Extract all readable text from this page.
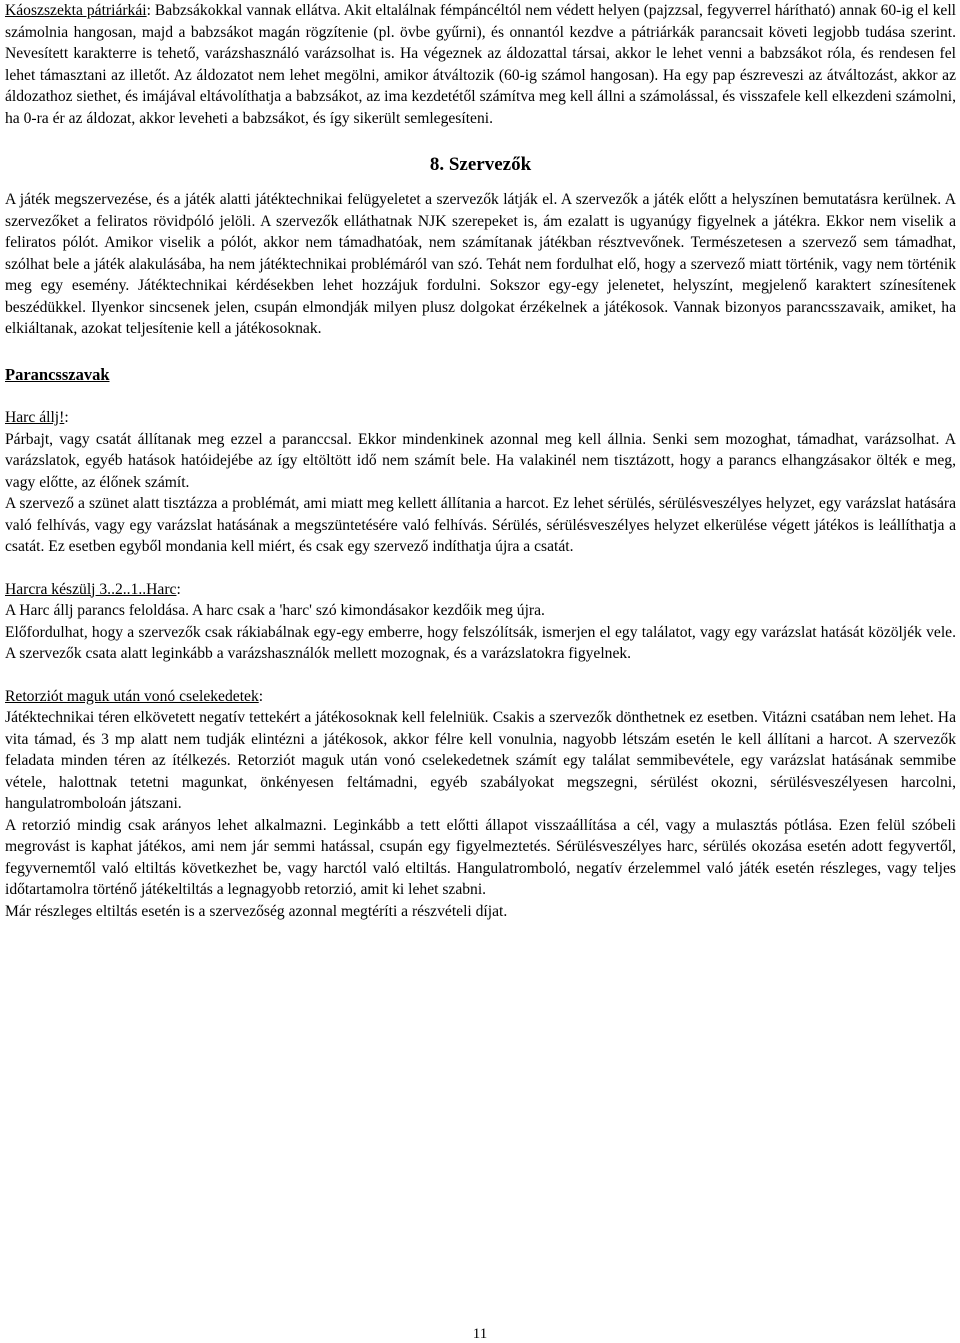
Káoszszekta pátriárkái: Babzsákokkal vannak ellátva. Akit eltalálnak fémpáncéltól nem védett helyen (pajzzsal, fegyverrel hárítható) annak 60-ig el kell számolnia hangosan, majd a babzsákot magán rögzítenie (pl. övbe gyűrni), és onnantól kezdve a pátriárkák parancsait követi legjobb tudása szerint. Nevesített karakterre is tehető, varázshasználó varázsolhat is. Ha végeznek az áldozattal társai, akkor le lehet venni a babzsákot róla, és rendesen fel lehet támasztani az illetőt. Az áldozatot nem lehet megölni, amikor átváltozik (60-ig számol hangosan). Ha egy pap észreveszi az átváltozást, akkor az áldozathoz siethet, és imájával eltávolíthatja a babzsákot, az ima kezdetétől számítva meg kell állni a számolással, és visszafele kell elkezdeni számolni, ha 0-ra ér az áldozat, akkor leveheti a babzsákot, és így sikerült semlegesíteni.

8. Szervezők

A játék megszervezése, és a játék alatti játéktechnikai felügyeletet a szervezők látják el. A szervezők a játék előtt a helyszínen bemutatásra kerülnek. A szervezőket a feliratos rövidpóló jelöli. A szervezők elláthatnak NJK szerepeket is, ám ezalatt is ugyanúgy figyelnek a játékra. Ekkor nem viselik a feliratos pólót. Amikor viselik a pólót, akkor nem támadhatóak, nem számítanak játékban résztvevőnek. Természetesen a szervező sem támadhat, szólhat bele a játék alakulásába, ha nem játéktechnikai problémáról van szó. Tehát nem fordulhat elő, hogy a szervező miatt történik, vagy nem történik meg egy esemény. Játéktechnikai kérdésekben lehet hozzájuk fordulni. Sokszor egy-egy jelenetet, helyszínt, megjelenő karaktert színesítenek beszédükkel. Ilyenkor sincsenek jelen, csupán elmondják milyen plusz dolgokat érzékelnek a játékosok. Vannak bizonyos parancsszavaik, amiket, ha elkiáltanak, azokat teljesítenie kell a játékosoknak.

Parancsszavak

Harc állj!:

Párbajt, vagy csatát állítanak meg ezzel a paranccsal. Ekkor mindenkinek azonnal meg kell állnia. Senki sem mozoghat, támadhat, varázsolhat. A varázslatok, egyéb hatások hatóidejébe az így eltöltött idő nem számít bele. Ha valakinél nem tisztázott, hogy a parancs elhangzásakor ölték e meg, vagy előtte, az élőnek számít.

A szervező a szünet alatt tisztázza a problémát, ami miatt meg kellett állítania a harcot. Ez lehet sérülés, sérülésveszélyes helyzet, egy varázslat hatására való felhívás, vagy egy varázslat hatásának a megszüntetésére való felhívás. Sérülés, sérülésveszélyes helyzet elkerülése végett játékos is leállíthatja a csatát. Ez esetben egyből mondania kell miért, és csak egy szervező indíthatja újra a csatát.

Harcra készülj 3..2..1..Harc:

A Harc állj parancs feloldása. A harc csak a 'harc' szó kimondásakor kezdőik meg újra.

Előfordulhat, hogy a szervezők csak rákiabálnak egy-egy emberre, hogy felszólítsák, ismerjen el egy találatot, vagy egy varázslat hatását közöljék vele. A szervezők csata alatt leginkább a varázshasználók mellett mozognak, és a varázslatokra figyelnek.

Retorziót maguk után vonó cselekedetek:

Játéktechnikai téren elkövetett negatív tettekért a játékosoknak kell felelniük. Csakis a szervezők dönthetnek ez esetben. Vitázni csatában nem lehet. Ha vita támad, és 3 mp alatt nem tudják elintézni a játékosok, akkor félre kell vonulnia, nagyobb létszám esetén le kell állítani a harcot. A szervezők feladata minden téren az ítélkezés. Retorziót maguk után vonó cselekedetnek számít egy találat semmibevétele, egy varázslat hatásának semmibe vétele, halottnak tetetni magunkat, önkényesen feltámadni, egyéb szabályokat megszegni, sérülést okozni, sérülésveszélyesen harcolni, hangulatromboloán játszani.

A retorzió mindig csak arányos lehet alkalmazni. Leginkább a tett előtti állapot visszaállítása a cél, vagy a mulasztás pótlása. Ezen felül szóbeli megrovást is kaphat játékos, ami nem jár semmi hatással, csupán egy figyelmeztetés. Sérülésveszélyes harc, sérülés okozása esetén adott fegyvertől, fegyvernemtől való eltiltás következhet be, vagy harctól való eltiltás. Hangulatromboló, negatív érzelemmel való játék esetén részleges, vagy teljes időtartamolra történő játékeltiltás a legnagyobb retorzió, amit ki lehet szabni.

Már részleges eltiltás esetén is a szervezőség azonnal megtéríti a részvételi díjat.

11
